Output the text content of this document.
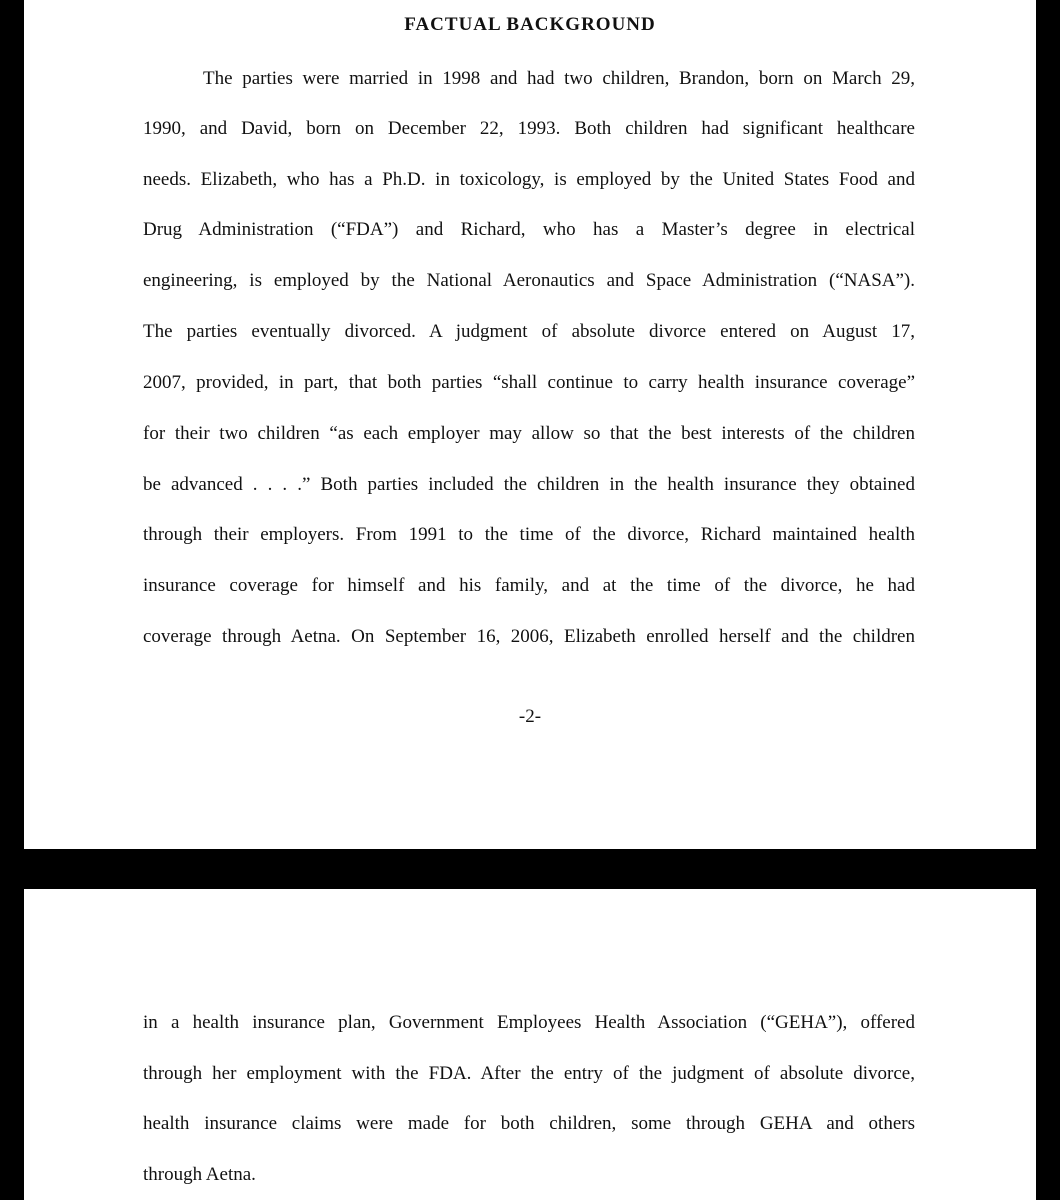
FACTUAL BACKGROUND
The parties were married in 1998 and had two children, Brandon, born on March 29,
1990, and David, born on December 22, 1993. Both children had significant healthcare
needs. Elizabeth, who has a Ph.D. in toxicology, is employed by the United States Food and
Drug Administration (“FDA”) and Richard, who has a Master’s degree in electrical
engineering, is employed by the National Aeronautics and Space Administration (“NASA”).
The parties eventually divorced. A judgment of absolute divorce entered on August 17,
2007, provided, in part, that both parties “shall continue to carry health insurance coverage”
for their two children “as each employer may allow so that the best interests of the children
be advanced . . . .” Both parties included the children in the health insurance they obtained
through their employers. From 1991 to the time of the divorce, Richard maintained health
insurance coverage for himself and his family, and at the time of the divorce, he had
coverage through Aetna. On September 16, 2006, Elizabeth enrolled herself and the children
-2-
in a health insurance plan, Government Employees Health Association (“GEHA”), offered
through her employment with the FDA. After the entry of the judgment of absolute divorce,
health insurance claims were made for both children, some through GEHA and others
through Aetna.
